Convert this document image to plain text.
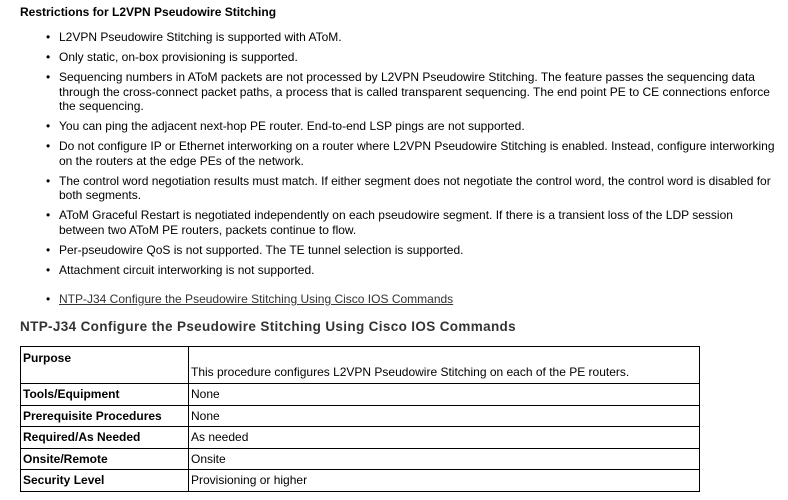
Restrictions for L2VPN Pseudowire Stitching
• L2VPN Pseudowire Stitching is supported with AToM.
• Only static, on-box provisioning is supported.
• Sequencing numbers in AToM packets are not processed by L2VPN Pseudowire Stitching. The feature passes the sequencing data through the cross-connect packet paths, a process that is called transparent sequencing. The end point PE to CE connections enforce the sequencing.
• You can ping the adjacent next-hop PE router. End-to-end LSP pings are not supported.
• Do not configure IP or Ethernet interworking on a router where L2VPN Pseudowire Stitching is enabled. Instead, configure interworking on the routers at the edge PEs of the network.
• The control word negotiation results must match. If either segment does not negotiate the control word, the control word is disabled for both segments.
• AToM Graceful Restart is negotiated independently on each pseudowire segment. If there is a transient loss of the LDP session between two AToM PE routers, packets continue to flow.
• Per-pseudowire QoS is not supported. The TE tunnel selection is supported.
• Attachment circuit interworking is not supported.
• NTP-J34 Configure the Pseudowire Stitching Using Cisco IOS Commands
NTP-J34 Configure the Pseudowire Stitching Using Cisco IOS Commands
Purpose	This procedure configures L2VPN Pseudowire Stitching on each of the PE routers.
Tools/Equipment	None
Prerequisite Procedures	None
Required/As Needed	As needed
Onsite/Remote	Onsite
Security Level	Provisioning or higher
